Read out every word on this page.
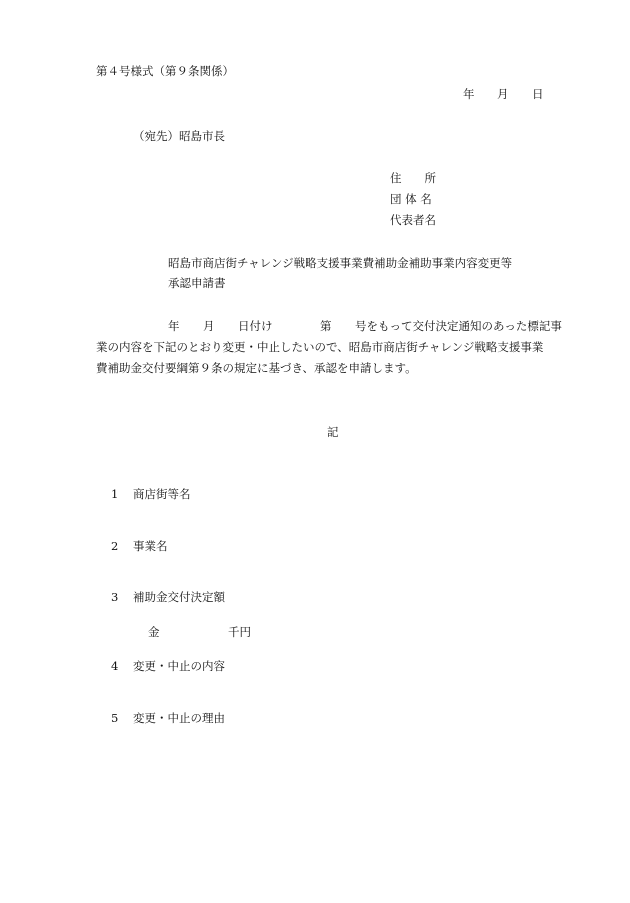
第４号様式（第９条関係）
年 月 日
（宛先）昭島市長
住　　所
団 体 名
代表者名
昭島市商店街チャレンジ戦略支援事業費補助金補助事業内容変更等
承認申請書
年 月 日付け	第 号をもって交付決定通知のあった標記事
業の内容を下記のとおり変更・中止したいので、昭島市商店街チャレンジ戦略支援事業
費補助金交付要綱第９条の規定に基づき、承認を申請します。
記
1 商店街等名
2 事業名
3 補助金交付決定額
金	千円
4 変更・中止の内容
5 変更・中止の理由
